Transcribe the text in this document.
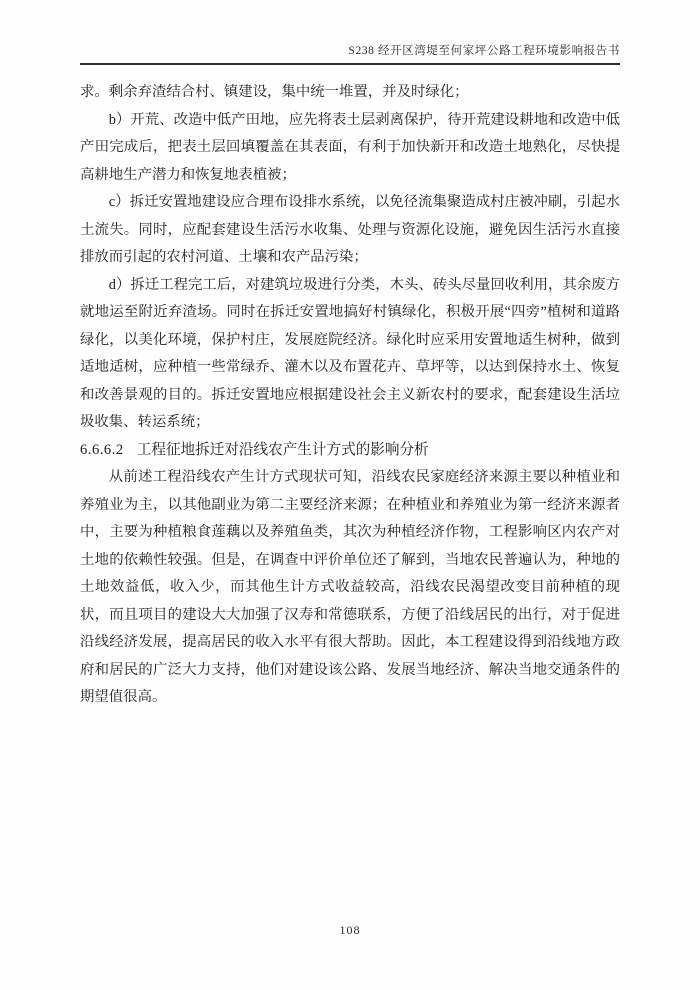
S238 经开区湾堤至何家坪公路工程环境影响报告书

求。剩余弃渣结合村、镇建设，集中统一堆置，并及时绿化；

b）开荒、改造中低产田地，应先将表土层剥离保护，待开荒建设耕地和改造中低产田完成后，把表土层回填覆盖在其表面，有利于加快新开和改造土地熟化，尽快提高耕地生产潜力和恢复地表植被；

c）拆迁安置地建设应合理布设排水系统，以免径流集聚造成村庄被冲刷，引起水土流失。同时，应配套建设生活污水收集、处理与资源化设施，避免因生活污水直接排放而引起的农村河道、土壤和农产品污染；

d）拆迁工程完工后，对建筑垃圾进行分类，木头、砖头尽量回收利用，其余废方就地运至附近弃渣场。同时在拆迁安置地搞好村镇绿化，积极开展“四旁”植树和道路绿化，以美化环境，保护村庄，发展庭院经济。绿化时应采用安置地适生树种，做到适地适树，应种植一些常绿乔、灌木以及布置花卉、草坪等，以达到保持水土、恢复和改善景观的目的。拆迁安置地应根据建设社会主义新农村的要求，配套建设生活垃圾收集、转运系统；

6.6.6.2 工程征地拆迁对沿线农产生计方式的影响分析

从前述工程沿线农产生计方式现状可知，沿线农民家庭经济来源主要以种植业和养殖业为主，以其他副业为第二主要经济来源；在种植业和养殖业为第一经济来源者中，主要为种植粮食莲藕以及养殖鱼类，其次为种植经济作物，工程影响区内农产对土地的依赖性较强。但是，在调查中评价单位还了解到，当地农民普遍认为，种地的土地效益低，收入少，而其他生计方式收益较高，沿线农民渴望改变目前种植的现状，而且项目的建设大大加强了汉寿和常德联系，方便了沿线居民的出行，对于促进沿线经济发展，提高居民的收入水平有很大帮助。因此，本工程建设得到沿线地方政府和居民的广泛大力支持，他们对建设该公路、发展当地经济、解决当地交通条件的期望值很高。

108
